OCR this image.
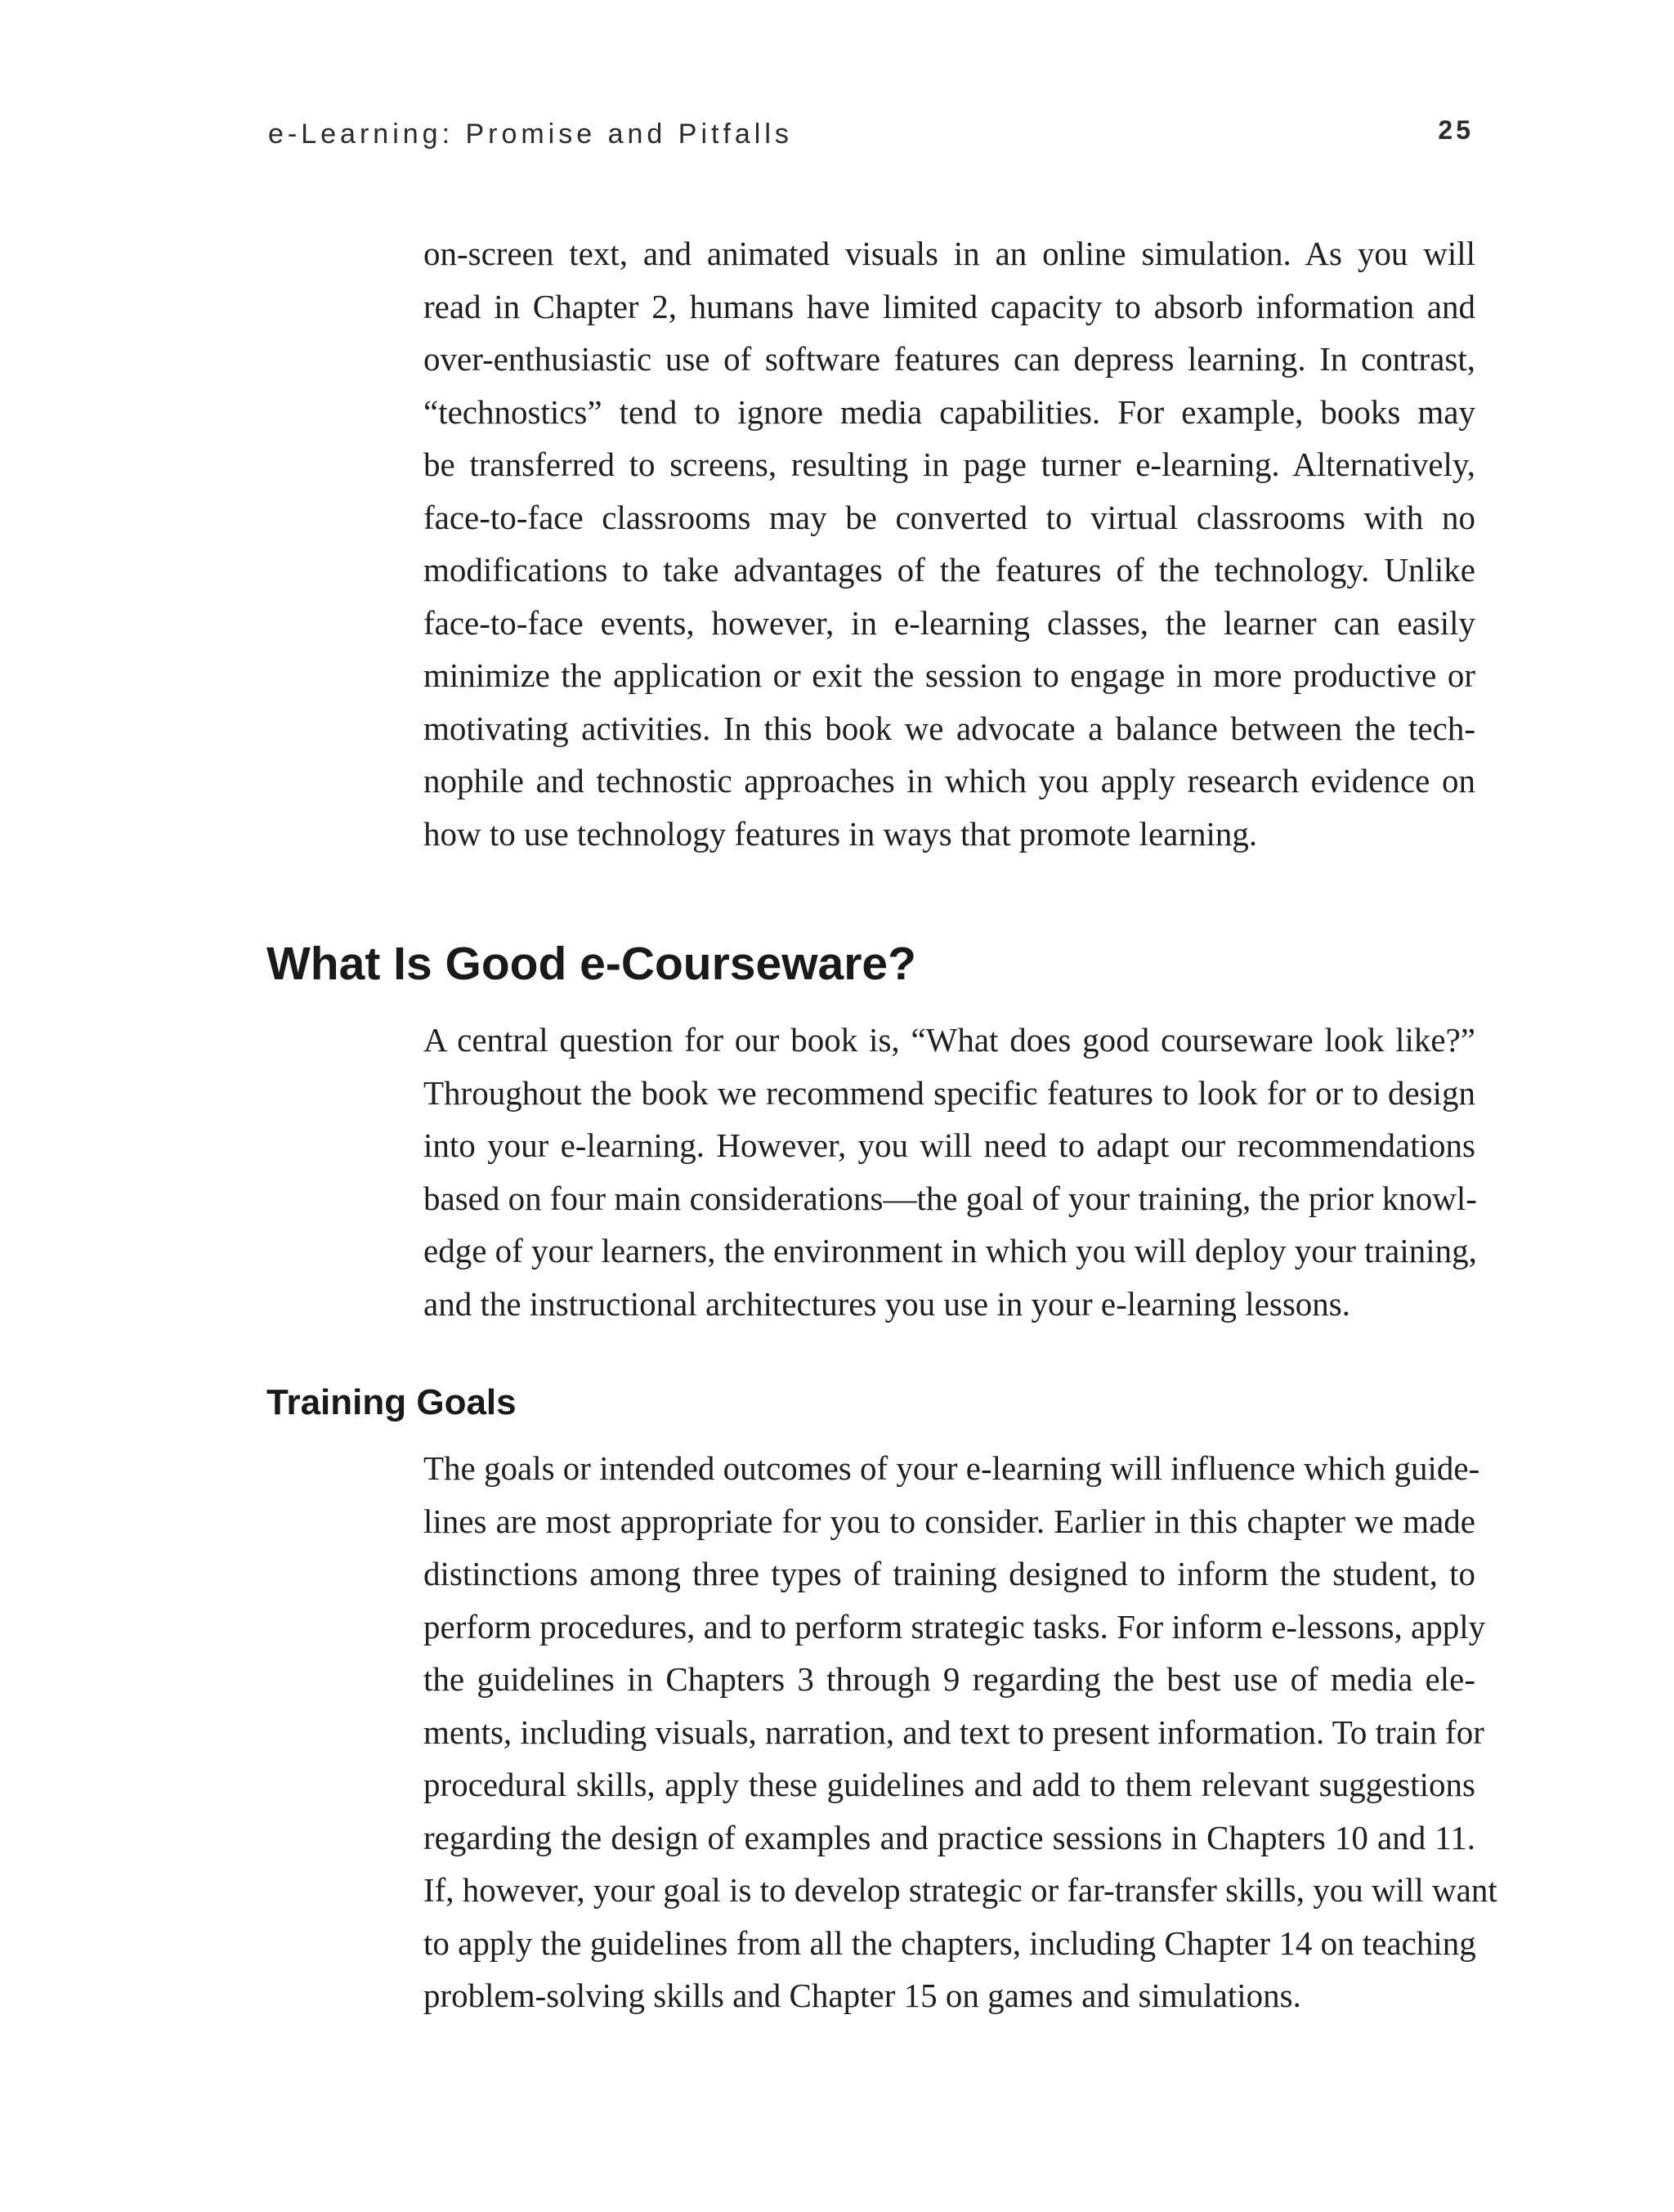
e-Learning: Promise and Pitfalls	25
on-screen text, and animated visuals in an online simulation. As you will
read in Chapter 2, humans have limited capacity to absorb information and
over-enthusiastic use of software features can depress learning. In contrast,
“technostics” tend to ignore media capabilities. For example, books may
be transferred to screens, resulting in page turner e-learning. Alternatively,
face-to-face classrooms may be converted to virtual classrooms with no
modifications to take advantages of the features of the technology. Unlike
face-to-face events, however, in e-learning classes, the learner can easily
minimize the application or exit the session to engage in more productive or
motivating activities. In this book we advocate a balance between the tech-
nophile and technostic approaches in which you apply research evidence on
how to use technology features in ways that promote learning.
What Is Good e-Courseware?
A central question for our book is, “What does good courseware look like?”
Throughout the book we recommend specific features to look for or to design
into your e-learning. However, you will need to adapt our recommendations
based on four main considerations—the goal of your training, the prior knowl-
edge of your learners, the environment in which you will deploy your training,
and the instructional architectures you use in your e-learning lessons.
Training Goals
The goals or intended outcomes of your e-learning will influence which guide-
lines are most appropriate for you to consider. Earlier in this chapter we made
distinctions among three types of training designed to inform the student, to
perform procedures, and to perform strategic tasks. For inform e-lessons, apply
the guidelines in Chapters 3 through 9 regarding the best use of media ele-
ments, including visuals, narration, and text to present information. To train for
procedural skills, apply these guidelines and add to them relevant suggestions
regarding the design of examples and practice sessions in Chapters 10 and 11.
If, however, your goal is to develop strategic or far-transfer skills, you will want
to apply the guidelines from all the chapters, including Chapter 14 on teaching
problem-solving skills and Chapter 15 on games and simulations.
